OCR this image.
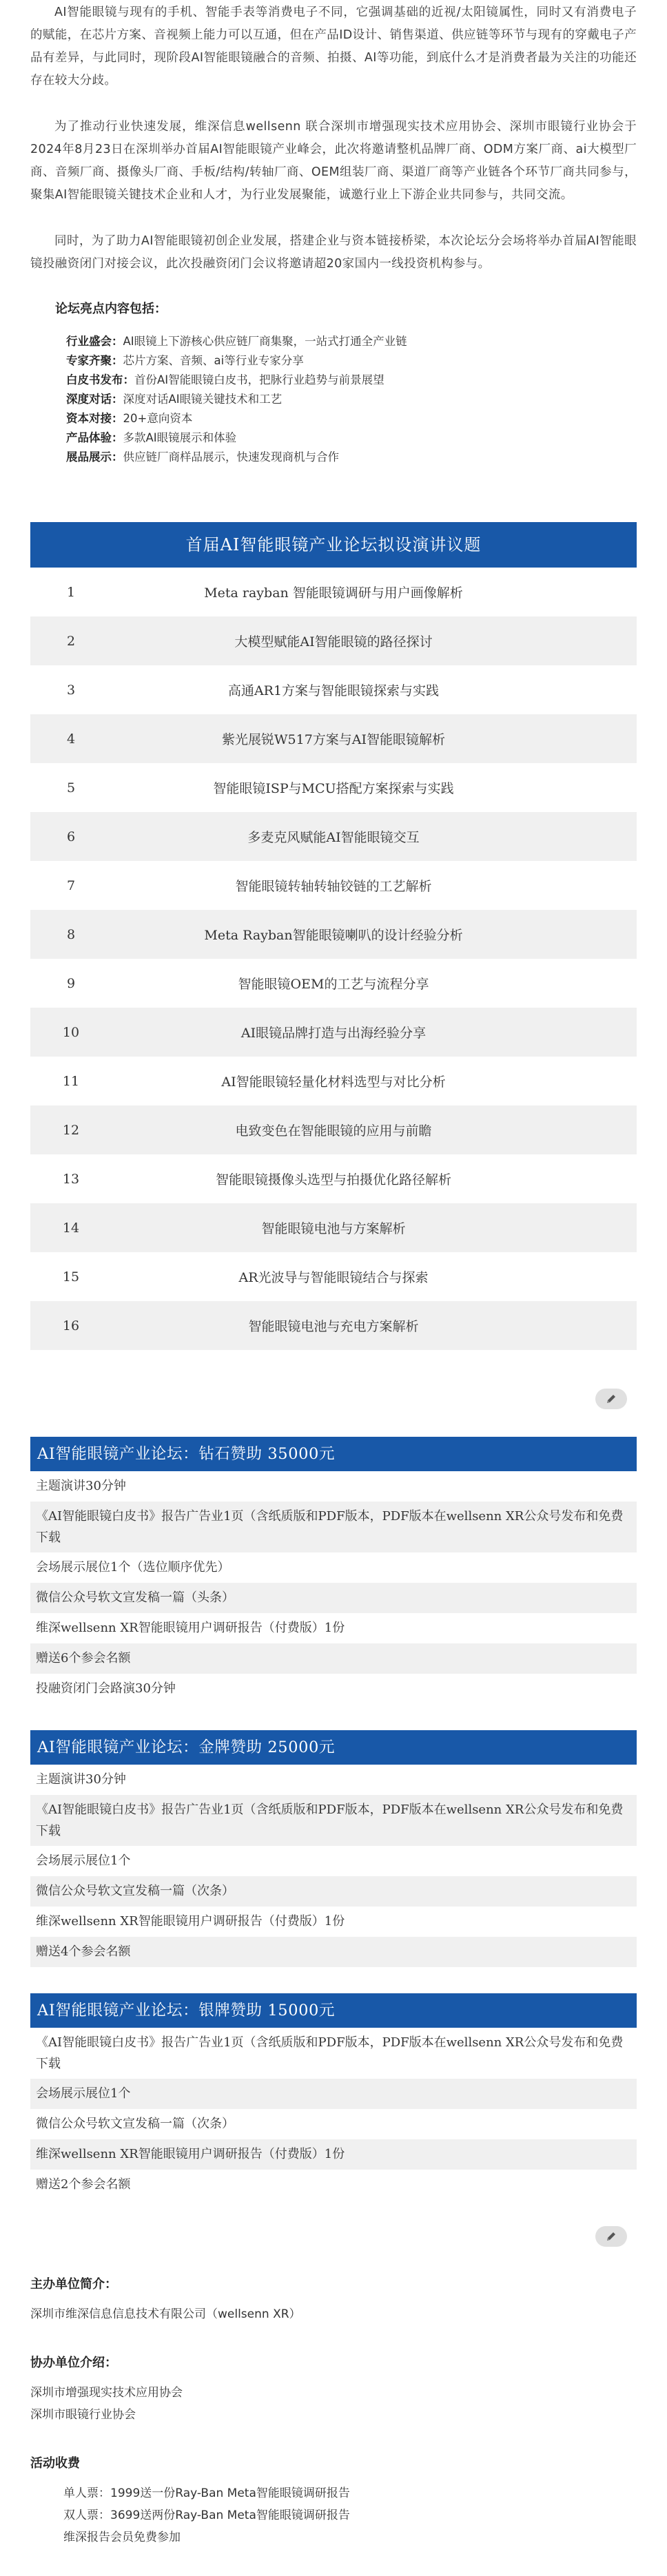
AI智能眼镜与现有的手机、智能手表等消费电子不同，它强调基础的近视/太阳镜属性，同时又有消费电子的赋能，在芯片方案、音视频上能力可以互通，但在产品ID设计、销售渠道、供应链等环节与现有的穿戴电子产品有差异，与此同时，现阶段AI智能眼镜融合的音频、拍摄、AI等功能，到底什么才是消费者最为关注的功能还存在较大分歧。

为了推动行业快速发展，维深信息wellsenn 联合深圳市增强现实技术应用协会、深圳市眼镜行业协会于2024年8月23日在深圳举办首届AI智能眼镜产业峰会，此次将邀请整机品牌厂商、ODM方案厂商、ai大模型厂商、音频厂商、摄像头厂商、手板/结构/转轴厂商、OEM组装厂商、渠道厂商等产业链各个环节厂商共同参与，聚集AI智能眼镜关键技术企业和人才，为行业发展聚能，诚邀行业上下游企业共同参与，共同交流。

同时，为了助力AI智能眼镜初创企业发展，搭建企业与资本链接桥梁，本次论坛分会场将举办首届AI智能眼镜投融资闭门对接会议，此次投融资闭门会议将邀请超20家国内一线投资机构参与。

论坛亮点内容包括：
行业盛会：AI眼镜上下游核心供应链厂商集聚，一站式打通全产业链
专家齐聚：芯片方案、音频、ai等行业专家分享
白皮书发布：首份AI智能眼镜白皮书，把脉行业趋势与前景展望
深度对话：深度对话AI眼镜关键技术和工艺
资本对接：20+意向资本
产品体验：多款AI眼镜展示和体验
展品展示：供应链厂商样品展示，快速发现商机与合作
首届AI智能眼镜产业论坛拟设演讲议题
1	Meta rayban 智能眼镜调研与用户画像解析
2	大模型赋能AI智能眼镜的路径探讨
3	高通AR1方案与智能眼镜探索与实践
4	紫光展锐W517方案与AI智能眼镜解析
5	智能眼镜ISP与MCU搭配方案探索与实践
6	多麦克风赋能AI智能眼镜交互
7	智能眼镜转轴转轴铰链的工艺解析
8	Meta Rayban智能眼镜喇叭的设计经验分析
9	智能眼镜OEM的工艺与流程分享
10	AI眼镜品牌打造与出海经验分享
11	AI智能眼镜轻量化材料选型与对比分析
12	电致变色在智能眼镜的应用与前瞻
13	智能眼镜摄像头选型与拍摄优化路径解析
14	智能眼镜电池与方案解析
15	AR光波导与智能眼镜结合与探索
16	智能眼镜电池与充电方案解析
AI智能眼镜产业论坛：钻石赞助 35000元
主题演讲30分钟
《AI智能眼镜白皮书》报告广告业1页（含纸质版和PDF版本，PDF版本在wellsenn XR公众号发布和免费下载
会场展示展位1个（选位顺序优先）
微信公众号软文宣发稿一篇（头条）
维深wellsenn XR智能眼镜用户调研报告（付费版）1份
赠送6个参会名额
投融资闭门会路演30分钟
AI智能眼镜产业论坛：金牌赞助 25000元
主题演讲30分钟
《AI智能眼镜白皮书》报告广告业1页（含纸质版和PDF版本，PDF版本在wellsenn XR公众号发布和免费下载
会场展示展位1个
微信公众号软文宣发稿一篇（次条）
维深wellsenn XR智能眼镜用户调研报告（付费版）1份
赠送4个参会名额
AI智能眼镜产业论坛：银牌赞助 15000元
《AI智能眼镜白皮书》报告广告业1页（含纸质版和PDF版本，PDF版本在wellsenn XR公众号发布和免费下载
会场展示展位1个
微信公众号软文宣发稿一篇（次条）
维深wellsenn XR智能眼镜用户调研报告（付费版）1份
赠送2个参会名额
主办单位简介：
深圳市维深信息信息技术有限公司（wellsenn XR）
协办单位介绍：
深圳市增强现实技术应用协会
深圳市眼镜行业协会
活动收费
单人票：1999送一份Ray-Ban Meta智能眼镜调研报告
双人票：3699送两份Ray-Ban Meta智能眼镜调研报告
维深报告会员免费参加
